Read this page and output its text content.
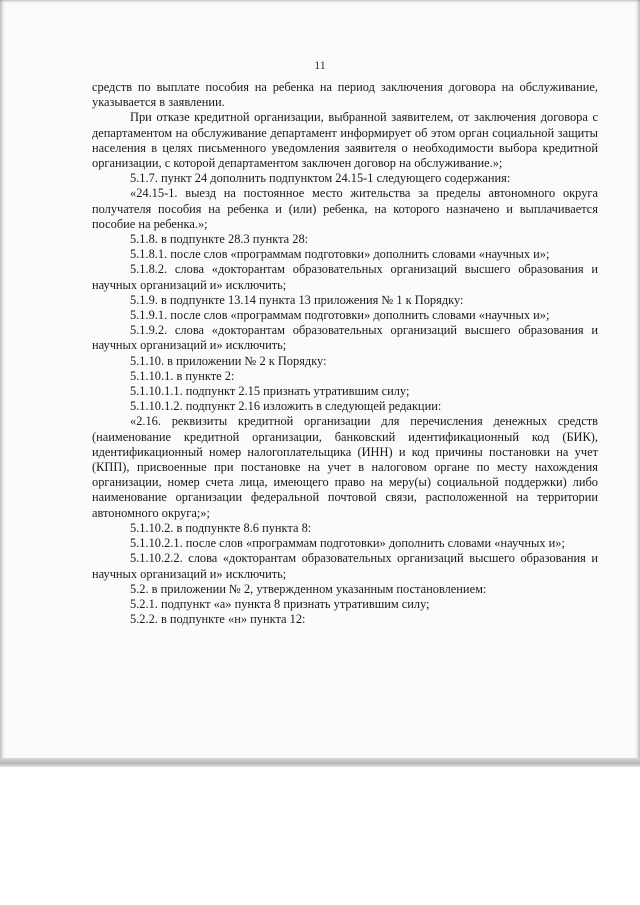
11

средств по выплате пособия на ребенка на период заключения договора на обслуживание, указывается в заявлении.

При отказе кредитной организации, выбранной заявителем, от заключения договора с департаментом на обслуживание департамент информирует об этом орган социальной защиты населения в целях письменного уведомления заявителя о необходимости выбора кредитной организации, с которой департаментом заключен договор на обслуживание.»;

5.1.7. пункт 24 дополнить подпунктом 24.15-1 следующего содержания:

«24.15-1. выезд на постоянное место жительства за пределы автономного округа получателя пособия на ребенка и (или) ребенка, на которого назначено и выплачивается пособие на ребенка.»;

5.1.8. в подпункте 28.3 пункта 28:

5.1.8.1. после слов «программам подготовки» дополнить словами «научных и»;

5.1.8.2. слова «докторантам образовательных организаций высшего образования и научных организаций и» исключить;

5.1.9. в подпункте 13.14 пункта 13 приложения № 1 к Порядку:

5.1.9.1. после слов «программам подготовки» дополнить словами «научных и»;

5.1.9.2. слова «докторантам образовательных организаций высшего образования и научных организаций и» исключить;

5.1.10. в приложении № 2 к Порядку:

5.1.10.1. в пункте 2:

5.1.10.1.1. подпункт 2.15 признать утратившим силу;

5.1.10.1.2. подпункт 2.16 изложить в следующей редакции:

«2.16. реквизиты кредитной организации для перечисления денежных средств (наименование кредитной организации, банковский идентификационный код (БИК), идентификационный номер налогоплательщика (ИНН) и код причины постановки на учет (КПП), присвоенные при постановке на учет в налоговом органе по месту нахождения организации, номер счета лица, имеющего право на меру(ы) социальной поддержки) либо наименование организации федеральной почтовой связи, расположенной на территории автономного округа;»;

5.1.10.2. в подпункте 8.6 пункта 8:

5.1.10.2.1. после слов «программам подготовки» дополнить словами «научных и»;

5.1.10.2.2. слова «докторантам образовательных организаций высшего образования и научных организаций и» исключить;

5.2. в приложении № 2, утвержденном указанным постановлением:

5.2.1. подпункт «а» пункта 8 признать утратившим силу;

5.2.2. в подпункте «н» пункта 12:
